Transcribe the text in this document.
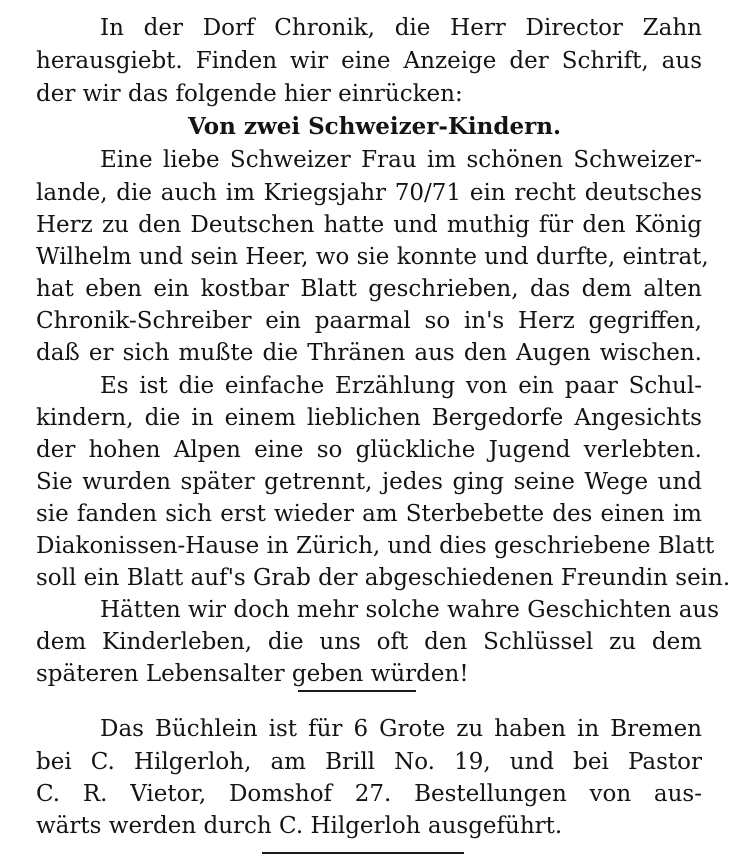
In der Dorf Chronik, die Herr Director Zahn
herausgiebt. Finden wir eine Anzeige der Schrift, aus
der wir das folgende hier einrücken:
Von zwei Schweizer-Kindern.
Eine liebe Schweizer Frau im schönen Schweizer-
lande, die auch im Kriegsjahr 70/71 ein recht deutsches
Herz zu den Deutschen hatte und muthig für den König
Wilhelm und sein Heer, wo sie konnte und durfte, eintrat,
hat eben ein kostbar Blatt geschrieben, das dem alten
Chronik-Schreiber ein paarmal so in's Herz gegriffen,
daß er sich mußte die Thränen aus den Augen wischen.
Es ist die einfache Erzählung von ein paar Schul-
kindern, die in einem lieblichen Bergedorfe Angesichts
der hohen Alpen eine so glückliche Jugend verlebten.
Sie wurden später getrennt, jedes ging seine Wege und
sie fanden sich erst wieder am Sterbebette des einen im
Diakonissen-Hause in Zürich, und dies geschriebene Blatt
soll ein Blatt auf's Grab der abgeschiedenen Freundin sein.
Hätten wir doch mehr solche wahre Geschichten aus
dem Kinderleben, die uns oft den Schlüssel zu dem
späteren Lebensalter geben würden!
Das Büchlein ist für 6 Grote zu haben in Bremen
bei C. Hilgerloh, am Brill No. 19, und bei Pastor
C. R. Vietor, Domshof 27. Bestellungen von aus-
wärts werden durch C. Hilgerloh ausgeführt.
